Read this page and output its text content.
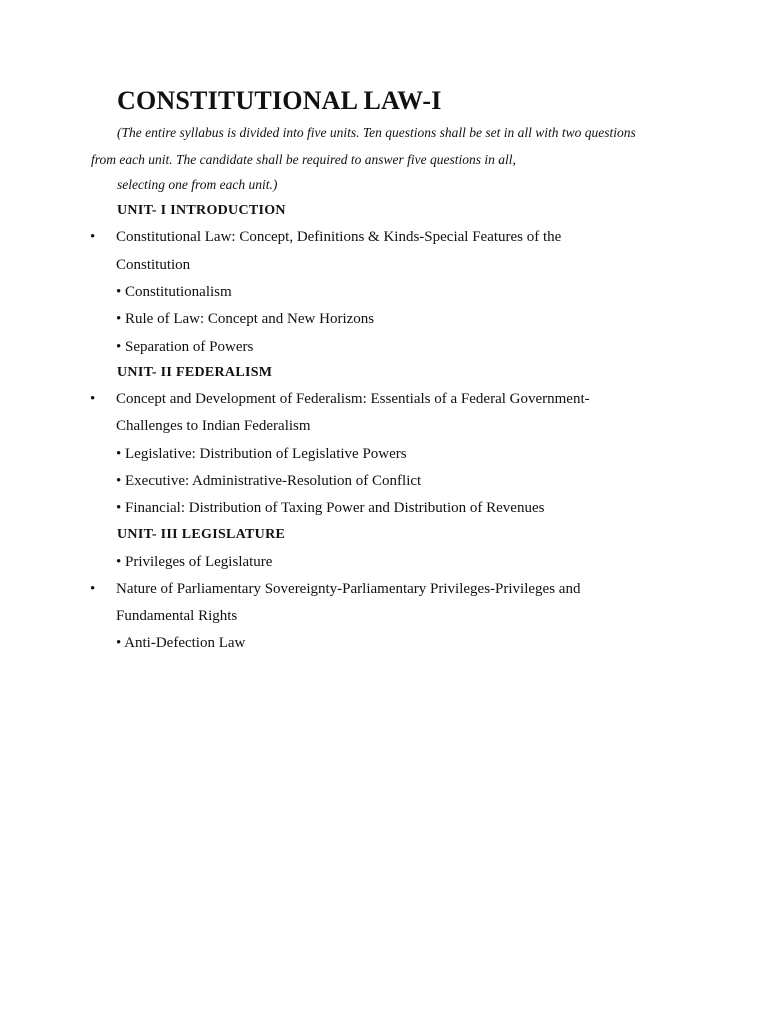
CONSTITUTIONAL LAW-I
(The entire syllabus is divided into five units. Ten questions shall be set in all with two questions
from each unit. The candidate shall be required to answer five questions in all,
selecting one from each unit.)
UNIT- I INTRODUCTION
• Constitutional Law: Concept, Definitions & Kinds-Special Features of the
Constitution
• Constitutionalism
• Rule of Law: Concept and New Horizons
• Separation of Powers
UNIT- II FEDERALISM
• Concept and Development of Federalism: Essentials of a Federal Government-
Challenges to Indian Federalism
• Legislative: Distribution of Legislative Powers
• Executive: Administrative-Resolution of Conflict
• Financial: Distribution of Taxing Power and Distribution of Revenues
UNIT- III LEGISLATURE
• Privileges of Legislature
• Nature of Parliamentary Sovereignty-Parliamentary Privileges-Privileges and
Fundamental Rights
• Anti-Defection Law
